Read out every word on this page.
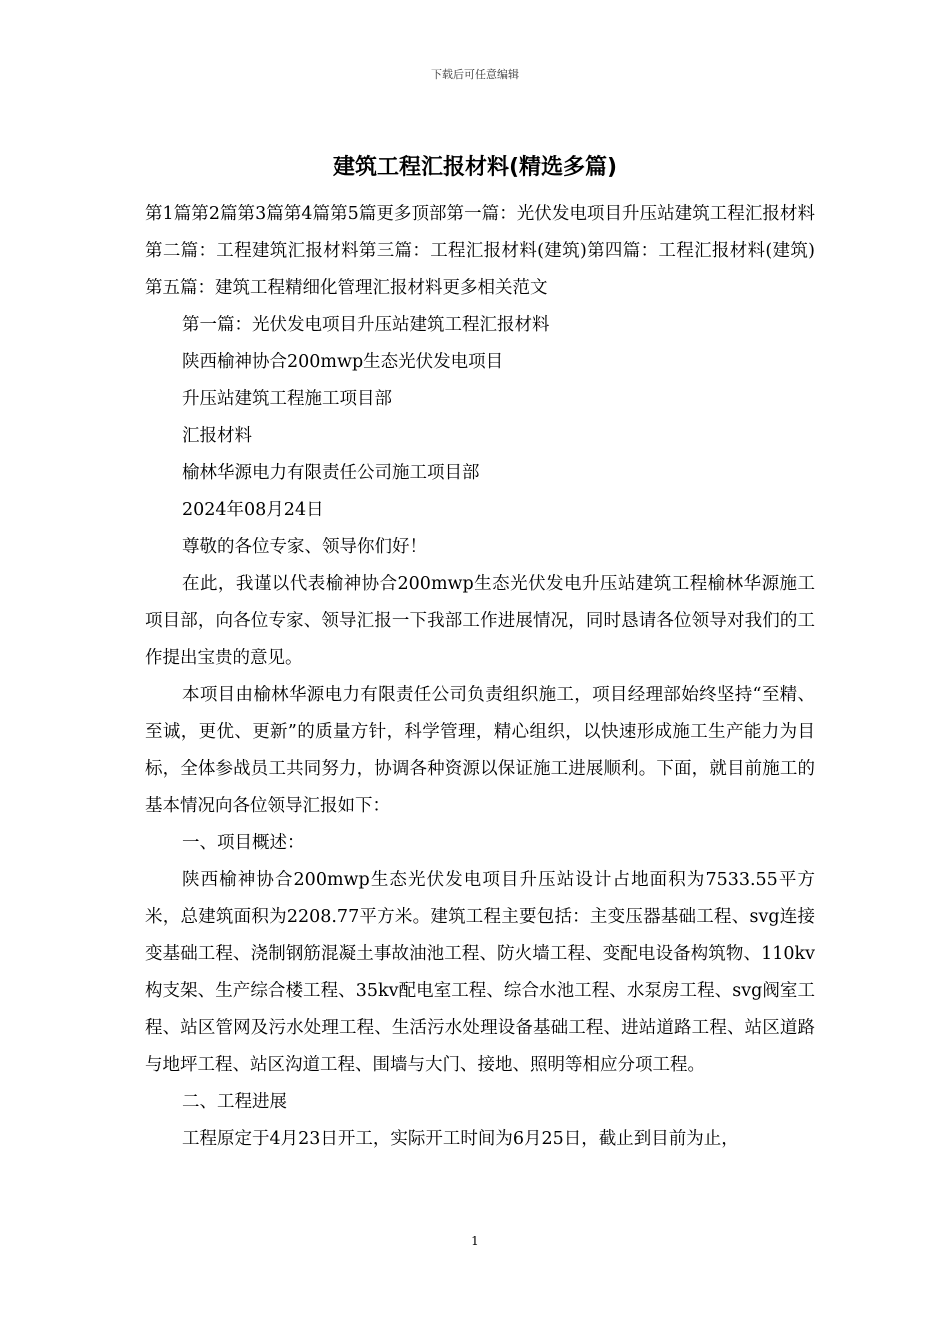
下载后可任意编辑
建筑工程汇报材料(精选多篇)

第1篇第2篇第3篇第4篇第5篇更多顶部第一篇：光伏发电项目升压站建筑工程汇报材料第二篇：工程建筑汇报材料第三篇：工程汇报材料(建筑)第四篇：工程汇报材料(建筑)第五篇：建筑工程精细化管理汇报材料更多相关范文

第一篇：光伏发电项目升压站建筑工程汇报材料

陕西榆神协合200mwp生态光伏发电项目

升压站建筑工程施工项目部

汇报材料

榆林华源电力有限责任公司施工项目部

2024年08月24日

尊敬的各位专家、领导你们好！

在此，我谨以代表榆神协合200mwp生态光伏发电升压站建筑工程榆林华源施工项目部，向各位专家、领导汇报一下我部工作进展情况，同时恳请各位领导对我们的工作提出宝贵的意见。

本项目由榆林华源电力有限责任公司负责组织施工，项目经理部始终坚持“至精、至诚，更优、更新”的质量方针，科学管理，精心组织，以快速形成施工生产能力为目标，全体参战员工共同努力，协调各种资源以保证施工进展顺利。下面，就目前施工的基本情况向各位领导汇报如下：

一、项目概述：

陕西榆神协合200mwp生态光伏发电项目升压站设计占地面积为7533.55平方米，总建筑面积为2208.77平方米。建筑工程主要包括：主变压器基础工程、svg连接变基础工程、浇制钢筋混凝土事故油池工程、防火墙工程、变配电设备构筑物、110kv构支架、生产综合楼工程、35kv配电室工程、综合水池工程、水泵房工程、svg阀室工程、站区管网及污水处理工程、生活污水处理设备基础工程、进站道路工程、站区道路与地坪工程、站区沟道工程、围墙与大门、接地、照明等相应分项工程。

二、工程进展

工程原定于4月23日开工，实际开工时间为6月25日，截止到目前为止，

1
